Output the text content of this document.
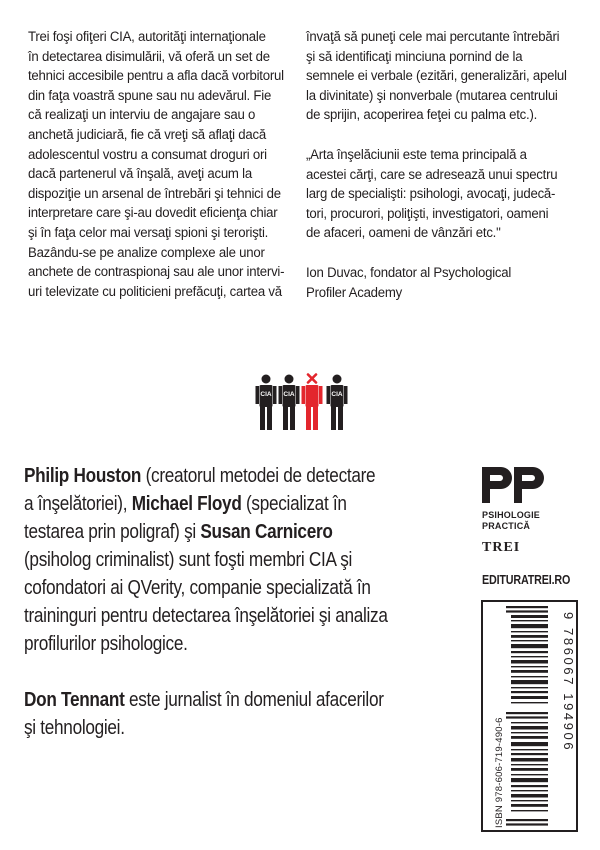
Trei foşi ofiţeri CIA, autorităţi internaţionale

în detectarea disimulării, vă oferă un set de

tehnici accesibile pentru a afla dacă vorbitorul

din faţa voastră spune sau nu adevărul. Fie

că realizaţi un interviu de angajare sau o

anchetă judiciară, fie că vreţi să aflaţi dacă

adolescentul vostru a consumat droguri ori

dacă partenerul vă înşală, aveţi acum la

dispoziţie un arsenal de întrebări şi tehnici de

interpretare care şi-au dovedit eficienţa chiar

şi în faţa celor mai versaţi spioni şi terorişti.

Bazându-se pe analize complexe ale unor

anchete de contraspionaj sau ale unor intervi-

uri televizate cu politicieni prefăcuţi, cartea vă

învaţă să puneţi cele mai percutante întrebări

şi să identificaţi minciuna pornind de la

semnele ei verbale (ezitări, generalizări, apelul

la divinitate) şi nonverbale (mutarea centrului

de sprijin, acoperirea feţei cu palma etc.).

„Arta înşelăciunii este tema principală a

acestei cărţi, care se adresează unui spectru

larg de specialişti: psihologi, avocaţi, judecă-

tori, procurori, poliţişti, investigatori, oameni

de afaceri, oameni de vânzări etc."

Ion Duvac, fondator al Psychological

Profiler Academy

CIA CIA	CIA

Philip Houston (creatorul metodei de detectare

a înşelătoriei), Michael Floyd (specializat în

testarea prin poligraf) şi Susan Carnicero

(psiholog criminalist) sunt foşti membri CIA şi

cofondatori ai QVerity, companie specializată în

traininguri pentru detectarea înşelătoriei şi analiza

profilurilor psihologice.

Don Tennant este jurnalist în domeniul afacerilor

şi tehnologiei.

PSIHOLOGIE
PRACTICĂ
TREI
EDITURATREI.RO
ISBN 978-606-719-490-6
9 786067 194906
